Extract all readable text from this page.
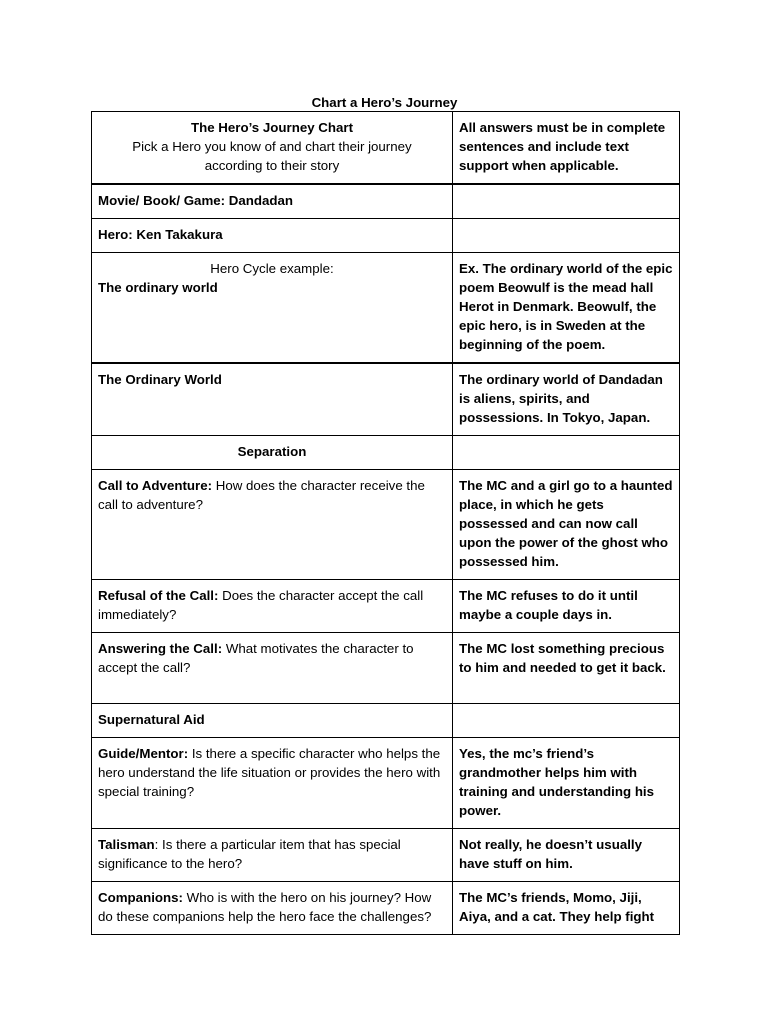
Chart a Hero’s Journey
The Hero’s Journey Chart
Pick a Hero you know of and chart their journey
according to their story	All answers must be in complete sentences and include text support when applicable.
Movie/ Book/ Game: Dandadan	
Hero: Ken Takakura	

Hero Cycle example:
The ordinary world	Ex. The ordinary world of the epic poem Beowulf is the mead hall Herot in Denmark. Beowulf, the epic hero, is in Sweden at the beginning of the poem.
The Ordinary World	The ordinary world of Dandadan is aliens, spirits, and possessions. In Tokyo, Japan.
Separation	
Call to Adventure: How does the character receive the call to adventure?	The MC and a girl go to a haunted place, in which he gets possessed and can now call upon the power of the ghost who possessed him.
Refusal of the Call: Does the character accept the call immediately?	The MC refuses to do it until maybe a couple days in.
Answering the Call: What motivates the character to accept the call?	The MC lost something precious to him and needed to get it back.
Supernatural Aid	
Guide/Mentor: Is there a specific character who helps the hero understand the life situation or provides the hero with special training?	Yes, the mc’s friend’s grandmother helps him with training and understanding his power.
Talisman: Is there a particular item that has special significance to the hero?	Not really, he doesn’t usually have stuff on him.
Companions: Who is with the hero on his journey? How do these companions help the hero face the challenges?	The MC’s friends, Momo, Jiji, Aiya, and a cat. They help fight
